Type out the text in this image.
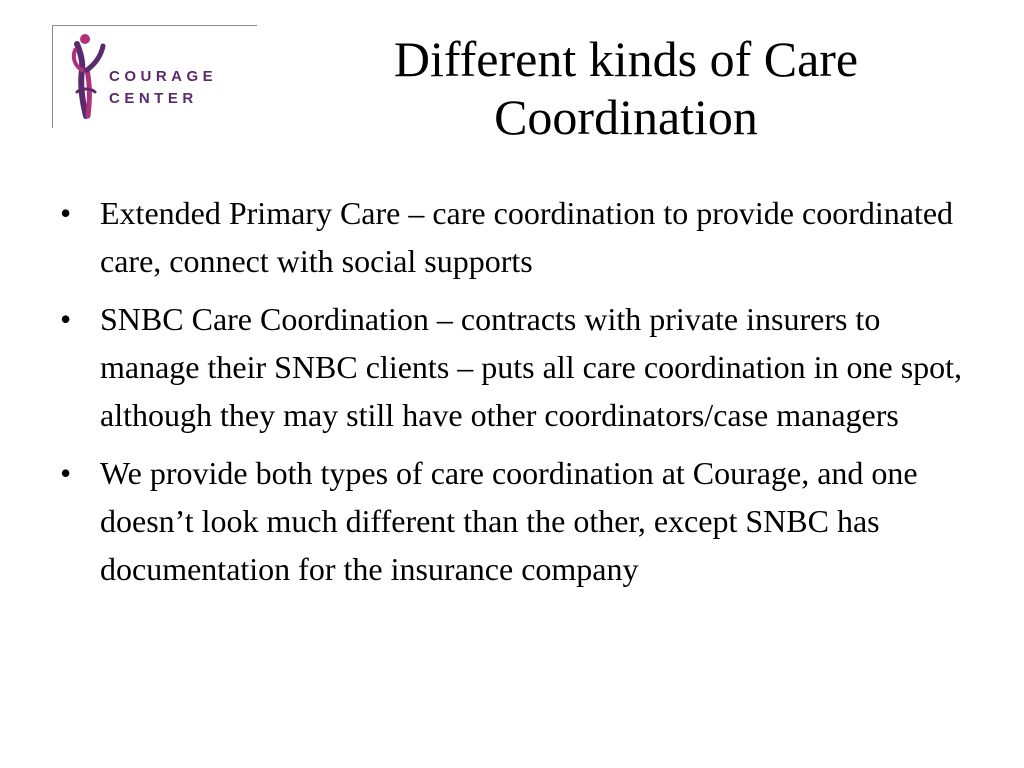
COURAGE
CENTER
Different kinds of Care
Coordination
• Extended Primary Care – care coordination to provide coordinated care, connect with social supports
• SNBC Care Coordination – contracts with private insurers to manage their SNBC clients – puts all care coordination in one spot, although they may still have other coordinators/case managers
• We provide both types of care coordination at Courage, and one doesn’t look much different than the other, except SNBC has documentation for the insurance company
